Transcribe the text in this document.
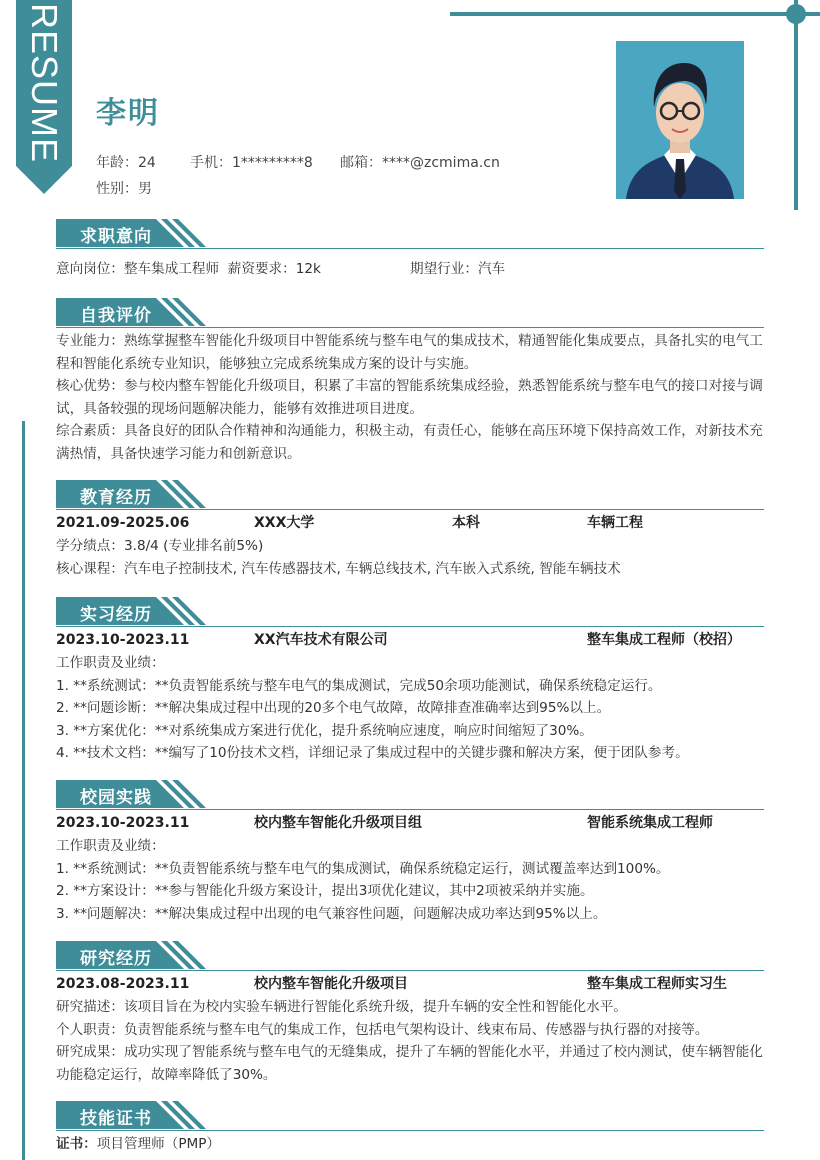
RESUME 李明
年龄：24 手机：1*********8 邮箱：****@zcmima.cn
性别：男
求职意向
意向岗位：整车集成工程师 薪资要求：12k	期望行业：汽车
自我评价

专业能力：熟练掌握整车智能化升级项目中智能系统与整车电气的集成技术，精通智能化集成要点，具备扎实的电气工程和智能化系统专业知识，能够独立完成系统集成方案的设计与实施。

核心优势：参与校内整车智能化升级项目，积累了丰富的智能系统集成经验，熟悉智能系统与整车电气的接口对接与调试，具备较强的现场问题解决能力，能够有效推进项目进度。

综合素质：具备良好的团队合作精神和沟通能力，积极主动，有责任心，能够在高压环境下保持高效工作，对新技术充满热情，具备快速学习能力和创新意识。

教育经历
2021.09-2025.06	XXX大学	本科	车辆工程

学分绩点：3.8/4 (专业排名前5%)

核心课程：汽车电子控制技术, 汽车传感器技术, 车辆总线技术, 汽车嵌入式系统, 智能车辆技术

实习经历
2023.10-2023.11	XX汽车技术有限公司	整车集成工程师（校招）

工作职责及业绩：

1. **系统测试：**负责智能系统与整车电气的集成测试，完成50余项功能测试，确保系统稳定运行。

2. **问题诊断：**解决集成过程中出现的20多个电气故障，故障排查准确率达到95%以上。

3. **方案优化：**对系统集成方案进行优化，提升系统响应速度，响应时间缩短了30%。

4. **技术文档：**编写了10份技术文档，详细记录了集成过程中的关键步骤和解决方案，便于团队参考。

校园实践
2023.10-2023.11	校内整车智能化升级项目组	智能系统集成工程师

工作职责及业绩：

1. **系统测试：**负责智能系统与整车电气的集成测试，确保系统稳定运行，测试覆盖率达到100%。

2. **方案设计：**参与智能化升级方案设计，提出3项优化建议，其中2项被采纳并实施。

3. **问题解决：**解决集成过程中出现的电气兼容性问题，问题解决成功率达到95%以上。

研究经历
2023.08-2023.11	校内整车智能化升级项目	整车集成工程师实习生

研究描述：该项目旨在为校内实验车辆进行智能化系统升级，提升车辆的安全性和智能化水平。

个人职责：负责智能系统与整车电气的集成工作，包括电气架构设计、线束布局、传感器与执行器的对接等。

研究成果：成功实现了智能系统与整车电气的无缝集成，提升了车辆的智能化水平，并通过了校内测试，使车辆智能化功能稳定运行，故障率降低了30%。

技能证书

证书：项目管理师（PMP）
